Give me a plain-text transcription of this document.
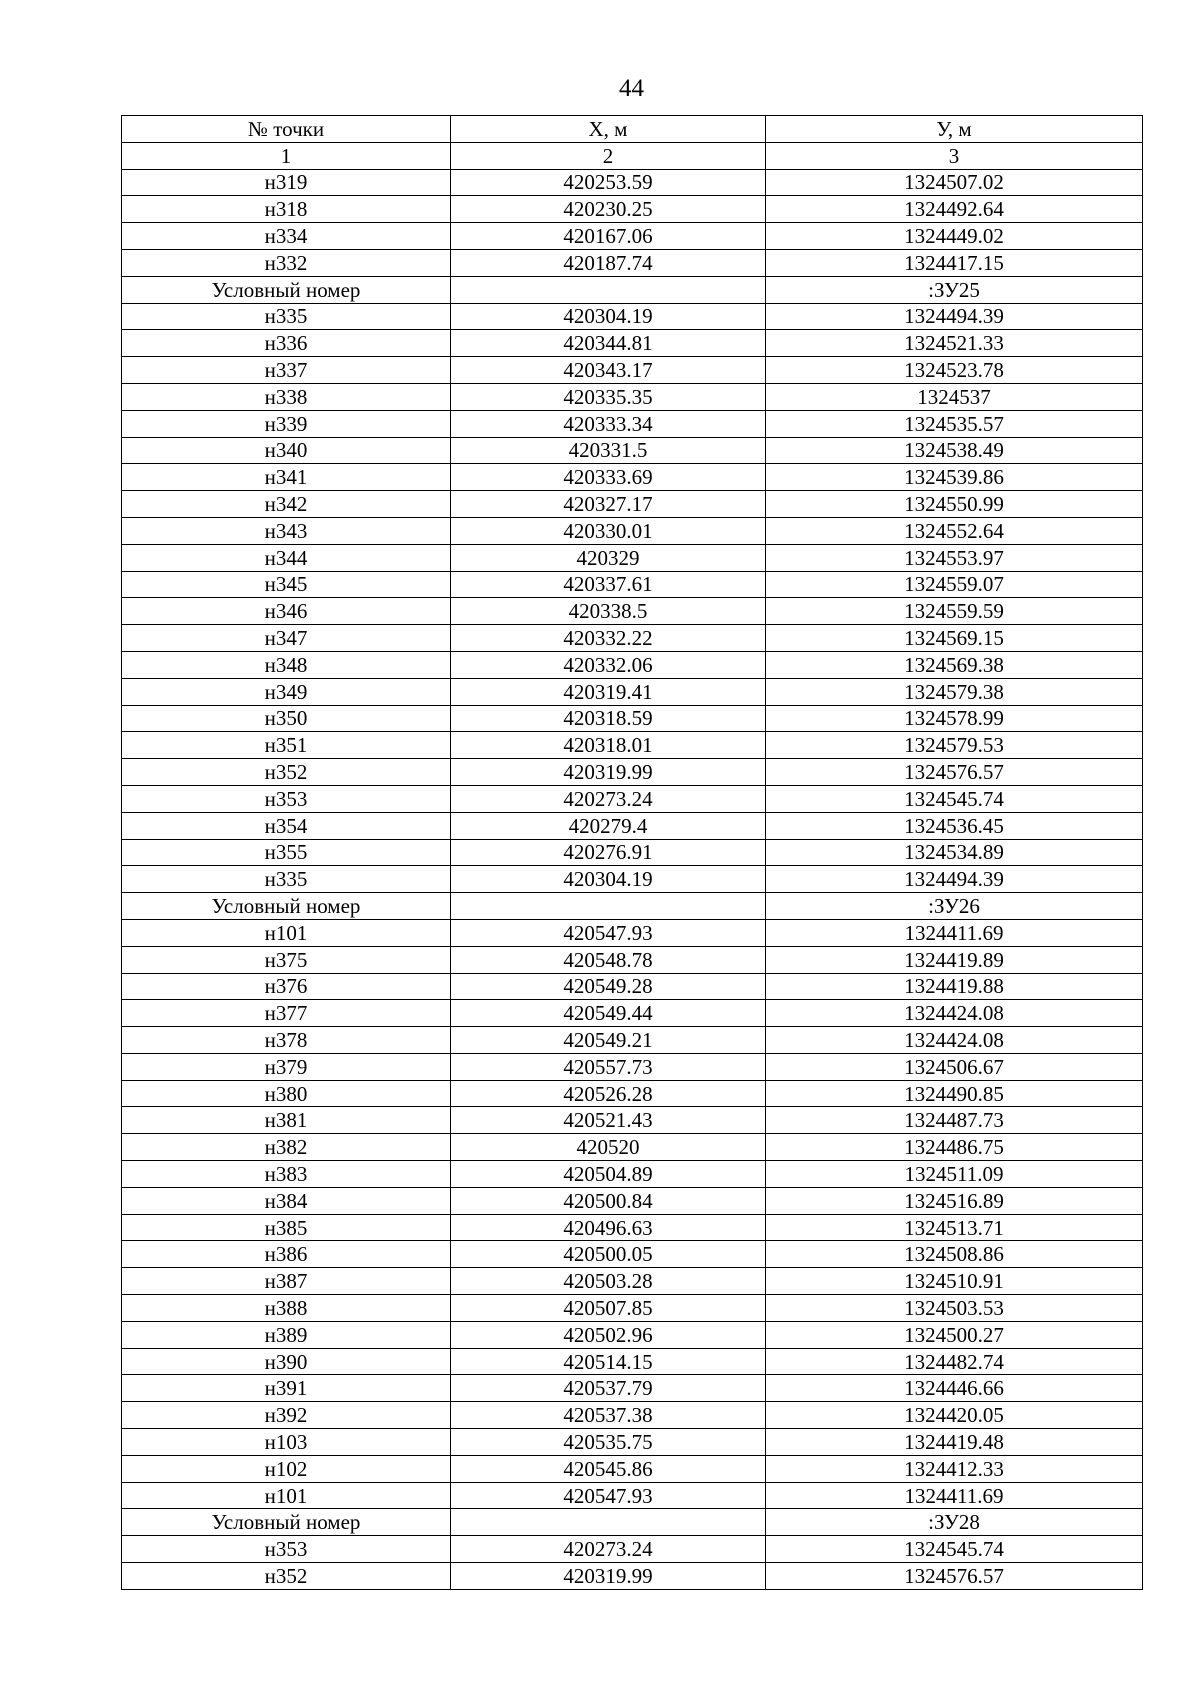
44
№ точки	X, м	У, м
1	2	3
н319	420253.59	1324507.02
н318	420230.25	1324492.64
н334	420167.06	1324449.02
н332	420187.74	1324417.15
Условный номер		:ЗУ25
н335	420304.19	1324494.39
н336	420344.81	1324521.33
н337	420343.17	1324523.78
н338	420335.35	1324537
н339	420333.34	1324535.57
н340	420331.5	1324538.49
н341	420333.69	1324539.86
н342	420327.17	1324550.99
н343	420330.01	1324552.64
н344	420329	1324553.97
н345	420337.61	1324559.07
н346	420338.5	1324559.59
н347	420332.22	1324569.15
н348	420332.06	1324569.38
н349	420319.41	1324579.38
н350	420318.59	1324578.99
н351	420318.01	1324579.53
н352	420319.99	1324576.57
н353	420273.24	1324545.74
н354	420279.4	1324536.45
н355	420276.91	1324534.89
н335	420304.19	1324494.39
Условный номер		:ЗУ26
н101	420547.93	1324411.69
н375	420548.78	1324419.89
н376	420549.28	1324419.88
н377	420549.44	1324424.08
н378	420549.21	1324424.08
н379	420557.73	1324506.67
н380	420526.28	1324490.85
н381	420521.43	1324487.73
н382	420520	1324486.75
н383	420504.89	1324511.09
н384	420500.84	1324516.89
н385	420496.63	1324513.71
н386	420500.05	1324508.86
н387	420503.28	1324510.91
н388	420507.85	1324503.53
н389	420502.96	1324500.27
н390	420514.15	1324482.74
н391	420537.79	1324446.66
н392	420537.38	1324420.05
н103	420535.75	1324419.48
н102	420545.86	1324412.33
н101	420547.93	1324411.69
Условный номер		:ЗУ28
н353	420273.24	1324545.74
н352	420319.99	1324576.57
